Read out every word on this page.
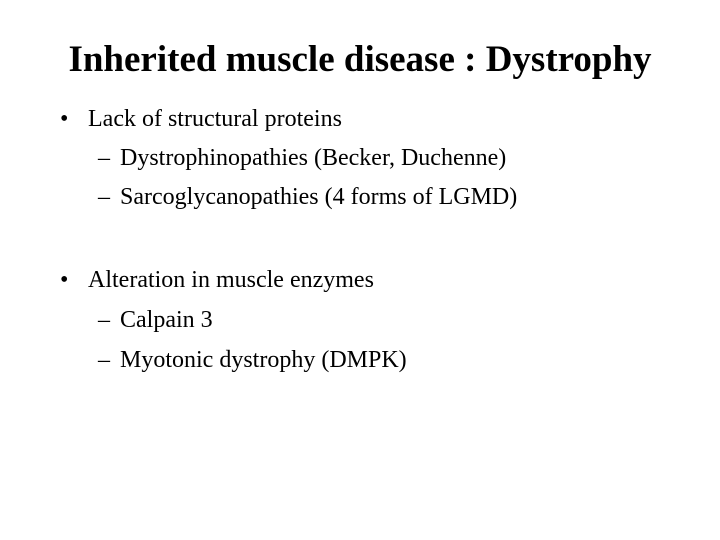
Inherited muscle disease : Dystrophy
• Lack of structural proteins
– Dystrophinopathies (Becker, Duchenne)
– Sarcoglycanopathies (4 forms of LGMD)
• Alteration in muscle enzymes
– Calpain 3
– Myotonic dystrophy (DMPK)
